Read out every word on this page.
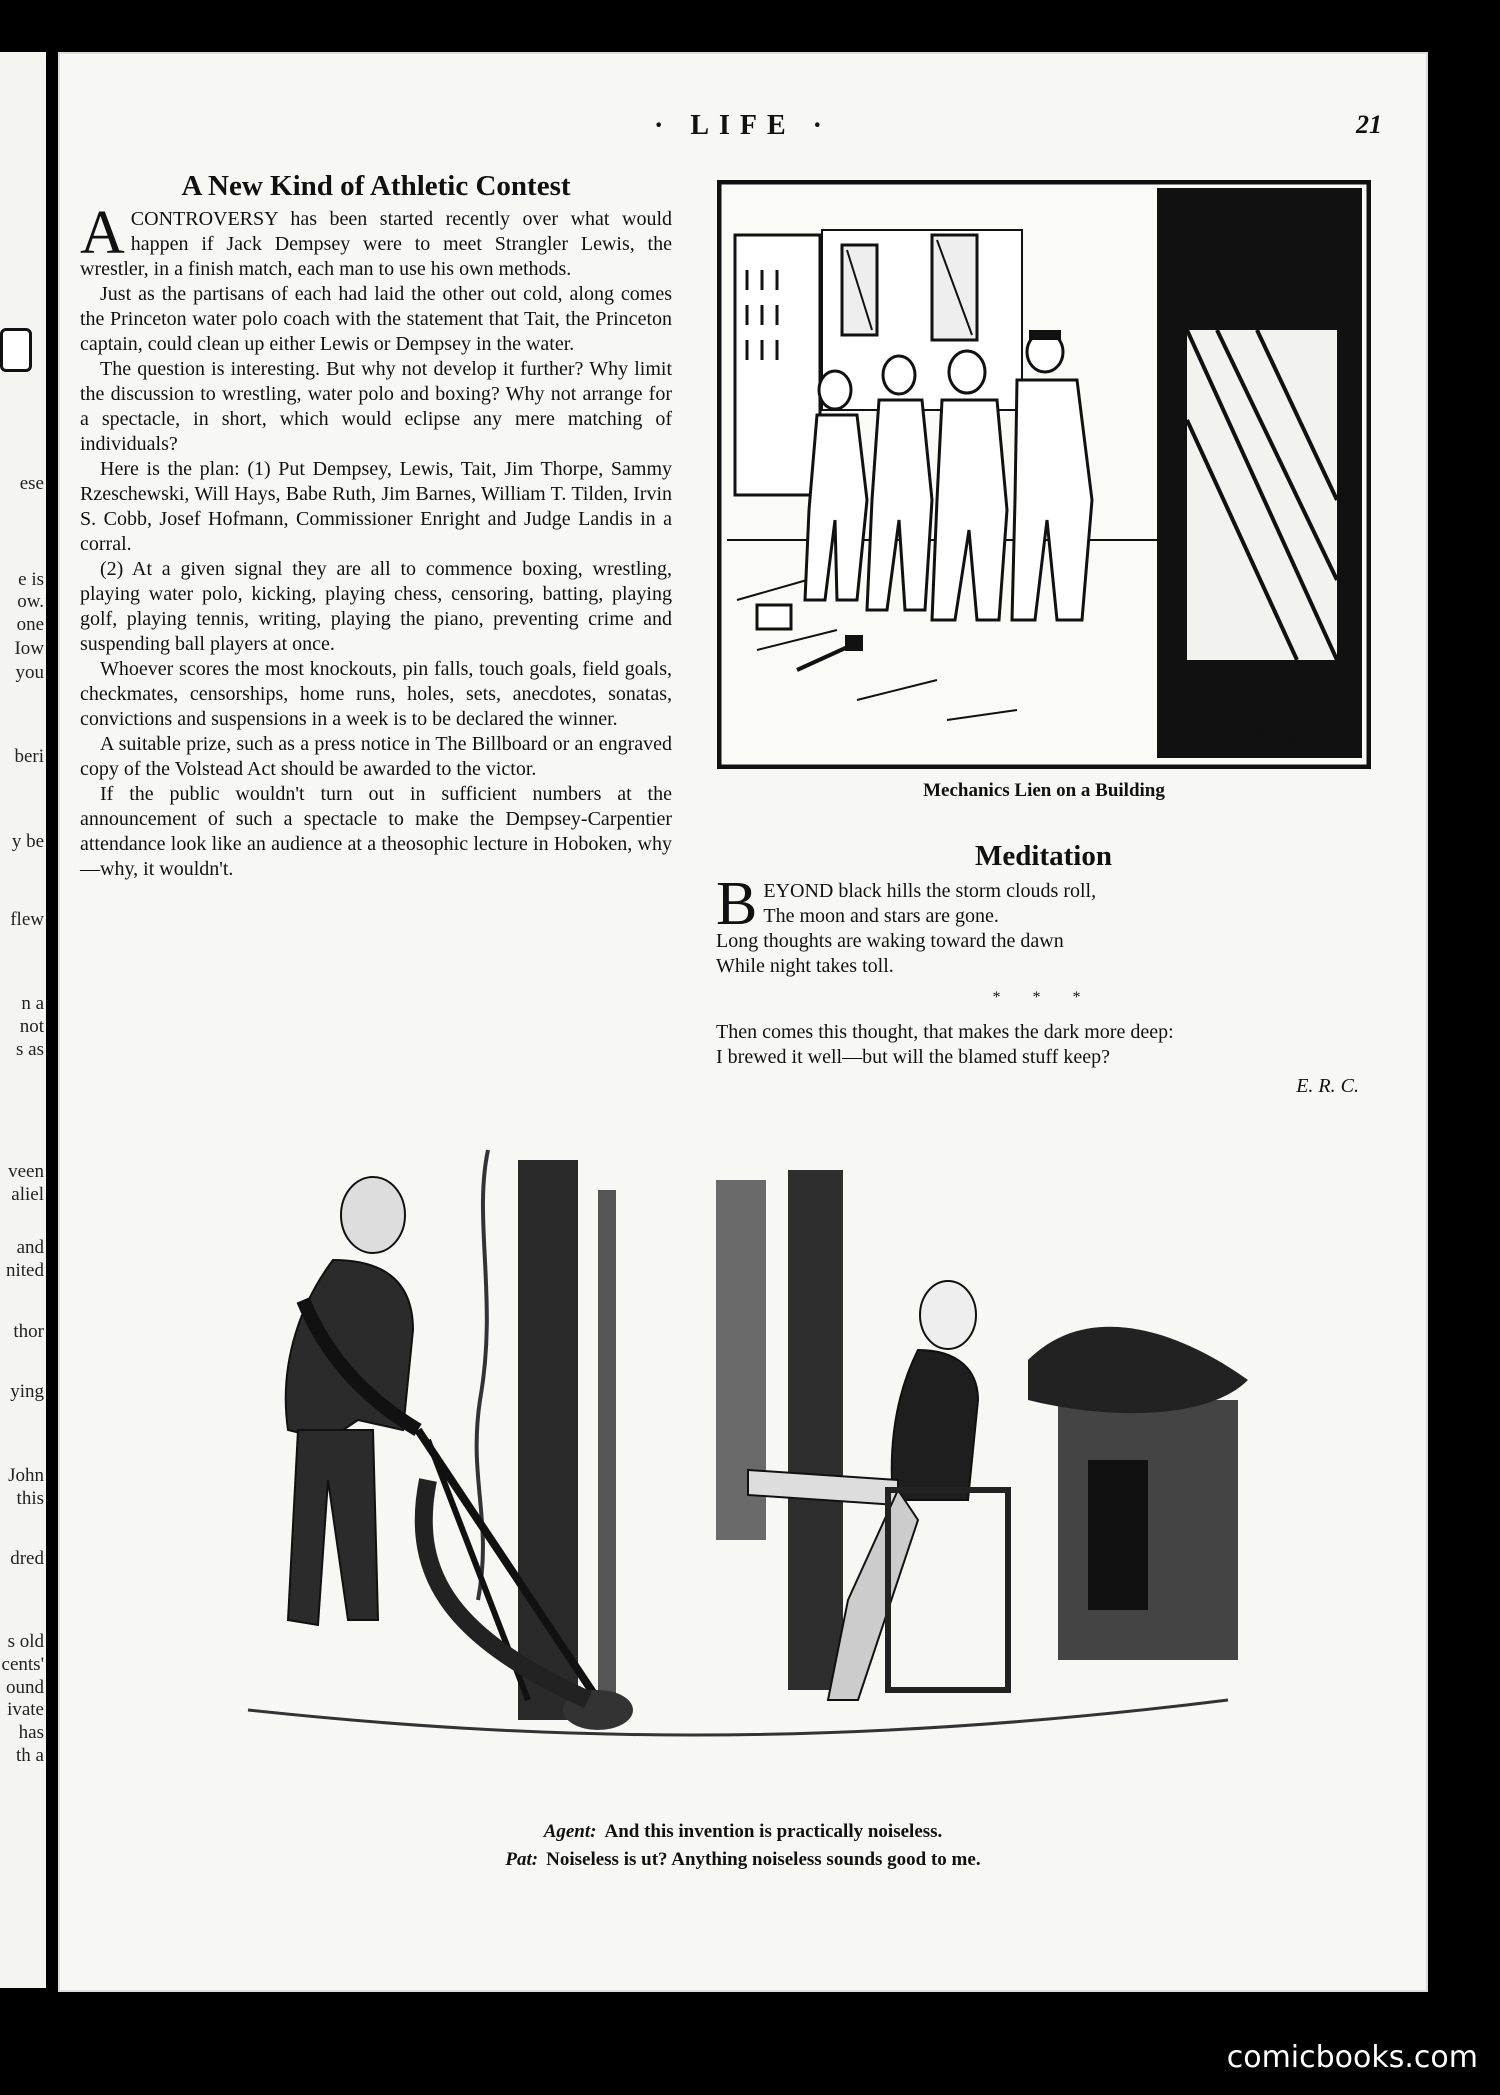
ese
e is
ow.
one
Iow
you
beri
y be
flew
n a
not
s as
veen
aliel
and
nited
thor
ying
John
this
dred
s old
cents'
ound
ivate
has
th a
· LIFE ·	21
A New Kind of Athletic Contest

ACONTROVERSY has been started recently over what would happen if Jack Dempsey were to meet Strangler Lewis, the wrestler, in a finish match, each man to use his own methods.

Just as the partisans of each had laid the other out cold, along comes the Princeton water polo coach with the statement that Tait, the Princeton captain, could clean up either Lewis or Dempsey in the water.

The question is interesting. But why not develop it further? Why limit the discussion to wrestling, water polo and boxing? Why not arrange for a spectacle, in short, which would eclipse any mere matching of individuals?

Here is the plan: (1) Put Dempsey, Lewis, Tait, Jim Thorpe, Sammy Rzeschewski, Will Hays, Babe Ruth, Jim Barnes, William T. Tilden, Irvin S. Cobb, Josef Hofmann, Commissioner Enright and Judge Landis in a corral.

(2) At a given signal they are all to commence boxing, wrestling, playing water polo, kicking, playing chess, censoring, batting, playing golf, playing tennis, writing, playing the piano, preventing crime and suspending ball players at once.

Whoever scores the most knockouts, pin falls, touch goals, field goals, checkmates, censorships, home runs, holes, sets, anecdotes, sonatas, convictions and suspensions in a week is to be declared the winner.

A suitable prize, such as a press notice in The Billboard or an engraved copy of the Volstead Act should be awarded to the victor.

If the public wouldn't turn out in sufficient numbers at the announcement of such a spectacle to make the Dempsey-Carpentier attendance look like an audience at a theosophic lecture in Hoboken, why—why, it wouldn't.

Young
Mechanics Lien on a Building
Meditation
BEYOND black hills the storm clouds roll,
The moon and stars are gone.
Long thoughts are waking toward the dawn
While night takes toll.
* * *
Then comes this thought, that makes the dark more deep:
I brewed it well—but will the blamed stuff keep?
E. R. C.
Agent: And this invention is practically noiseless.
Pat: Noiseless is ut? Anything noiseless sounds good to me.
comicbooks.com
